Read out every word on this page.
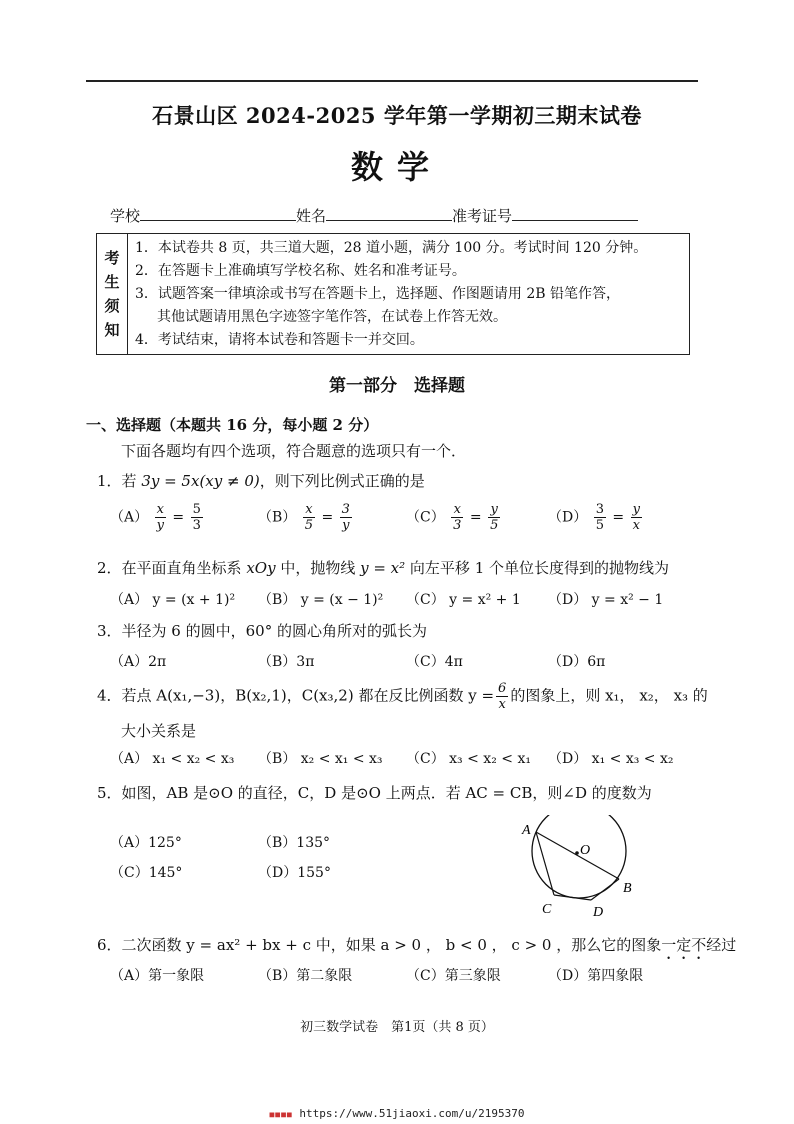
石景山区 2024-2025 学年第一学期初三期末试卷
数学
学校	姓名	准考证号
考
生
须
知
1．本试卷共 8 页，共三道大题，28 道小题，满分 100 分。考试时间 120 分钟。
2．在答题卡上准确填写学校名称、姓名和准考证号。
3．试题答案一律填涂或书写在答题卡上，选择题、作图题请用 2B 铅笔作答，
其他试题请用黑色字迹签字笔作答，在试卷上作答无效。
4．考试结束，请将本试卷和答题卡一并交回。
第一部分　选择题
一、选择题（本题共 16 分，每小题 2 分）
下面各题均有四个选项，符合题意的选项只有一个．
1．若 3y = 5x(xy ≠ 0)，则下列比例式正确的是
$(A) \frac{x}{y} = \frac{5}{3}$	$(B) \frac{x}{5} = \frac{3}{y}$	$(C) \frac{x}{3} = \frac{y}{5}$	$(D) \frac{3}{5} = \frac{y}{x}$
2．在平面直角坐标系 xOy 中，抛物线 y = x² 向左平移 1 个单位长度得到的抛物线为
（A） y = (x + 1)² （B） y = (x − 1)² （C） y = x² + 1 （D） y = x² − 1
3．半径为 6 的圆中，60° 的圆心角所对的弧长为
（A）2π	（B）3π	（C）4π	（D）6π
4．若点 A(x₁,−3)，B(x₂,1)，C(x₃,2) 都在反比例函数 $y = \frac{6}{x}$ 的图象上，则 x₁， x₂， x₃ 的
大小关系是
（A） x₁ < x₂ < x₃ （B） x₂ < x₁ < x₃ （C） x₃ < x₂ < x₁ （D） x₁ < x₃ < x₂
5．如图，AB 是⊙O 的直径，C，D 是⊙O 上两点．若 AC = CB，则∠D 的度数为
（A）125°	（B）135°
（C）145°	（D）155°
A
O
B
C	D
6．二次函数 y = ax² + bx + c 中，如果 a > 0 ， b < 0 ， c > 0 ，那么它的图象一定不经过
（A）第一象限	（B）第二象限	（C）第三象限	（D）第四象限
初三数学试卷　第1页（共 8 页）
■■■■ https://www.51jiaoxi.com/u/2195370
